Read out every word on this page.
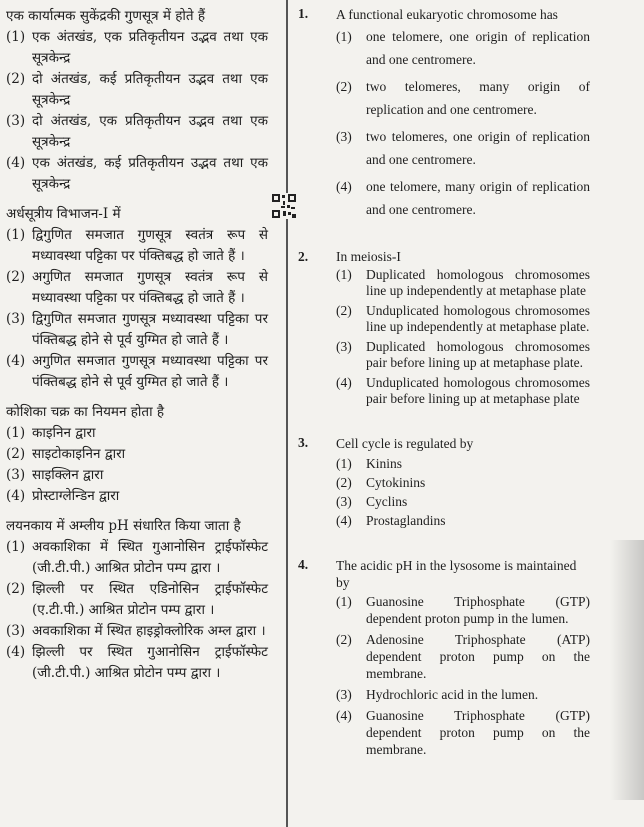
एक कार्यात्मक सुकेंद्रकी गुणसूत्र में होते हैं
(1) एक अंतखंड, एक प्रतिकृतीयन उद्भव तथा एक सूत्रकेन्द्र
(2) दो अंतखंड, कई प्रतिकृतीयन उद्भव तथा एक सूत्रकेन्द्र
(3) दो अंतखंड, एक प्रतिकृतीयन उद्भव तथा एक सूत्रकेन्द्र
(4) एक अंतखंड, कई प्रतिकृतीयन उद्भव तथा एक सूत्रकेन्द्र
अर्धसूत्रीय विभाजन-I में
(1) द्विगुणित समजात गुणसूत्र स्वतंत्र रूप से मध्यावस्था पट्टिका पर पंक्तिबद्ध हो जाते हैं ।
(2) अगुणित समजात गुणसूत्र स्वतंत्र रूप से मध्यावस्था पट्टिका पर पंक्तिबद्ध हो जाते हैं ।
(3) द्विगुणित समजात गुणसूत्र मध्यावस्था पट्टिका पर पंक्तिबद्ध होने से पूर्व युग्मित हो जाते हैं ।
(4) अगुणित समजात गुणसूत्र मध्यावस्था पट्टिका पर पंक्तिबद्ध होने से पूर्व युग्मित हो जाते हैं ।
कोशिका चक्र का नियमन होता है
(1) काइनिन द्वारा
(2) साइटोकाइनिन द्वारा
(3) साइक्लिन द्वारा
(4) प्रोस्टाग्लेन्डिन द्वारा
लयनकाय में अम्लीय pH संधारित किया जाता है
(1) अवकाशिका में स्थित गुआनोसिन ट्राईफॉस्फेट (जी.टी.पी.) आश्रित प्रोटोन पम्प द्वारा ।
(2) झिल्ली पर स्थित एडिनोसिन ट्राईफॉस्फेट (ए.टी.पी.) आश्रित प्रोटोन पम्प द्वारा ।
(3) अवकाशिका में स्थित हाइड्रोक्लोरिक अम्ल द्वारा ।
(4) झिल्ली पर स्थित गुआनोसिन ट्राईफॉस्फेट (जी.टी.पी.) आश्रित प्रोटोन पम्प द्वारा ।
1.	A functional eukaryotic chromosome has
(1)	one telomere, one origin of replication and one centromere.
(2)	two telomeres, many origin of replication and one centromere.
(3)	two telomeres, one origin of replication and one centromere.
(4)	one telomere, many origin of replication and one centromere.
2.	In meiosis-I
(1)	Duplicated homologous chromosomes line up independently at metaphase plate
(2)	Unduplicated homologous chromosomes line up independently at metaphase plate.
(3)	Duplicated homologous chromosomes pair before lining up at metaphase plate.
(4)	Unduplicated homologous chromosomes pair before lining up at metaphase plate
3.	Cell cycle is regulated by
(1)	Kinins
(2)	Cytokinins
(3)	Cyclins
(4)	Prostaglandins
4.	The acidic pH in the lysosome is maintained by
(1)	Guanosine Triphosphate (GTP) dependent proton pump in the lumen.
(2)	Adenosine Triphosphate (ATP) dependent proton pump on the membrane.
(3)	Hydrochloric acid in the lumen.
(4)	Guanosine Triphosphate (GTP) dependent proton pump on the membrane.
